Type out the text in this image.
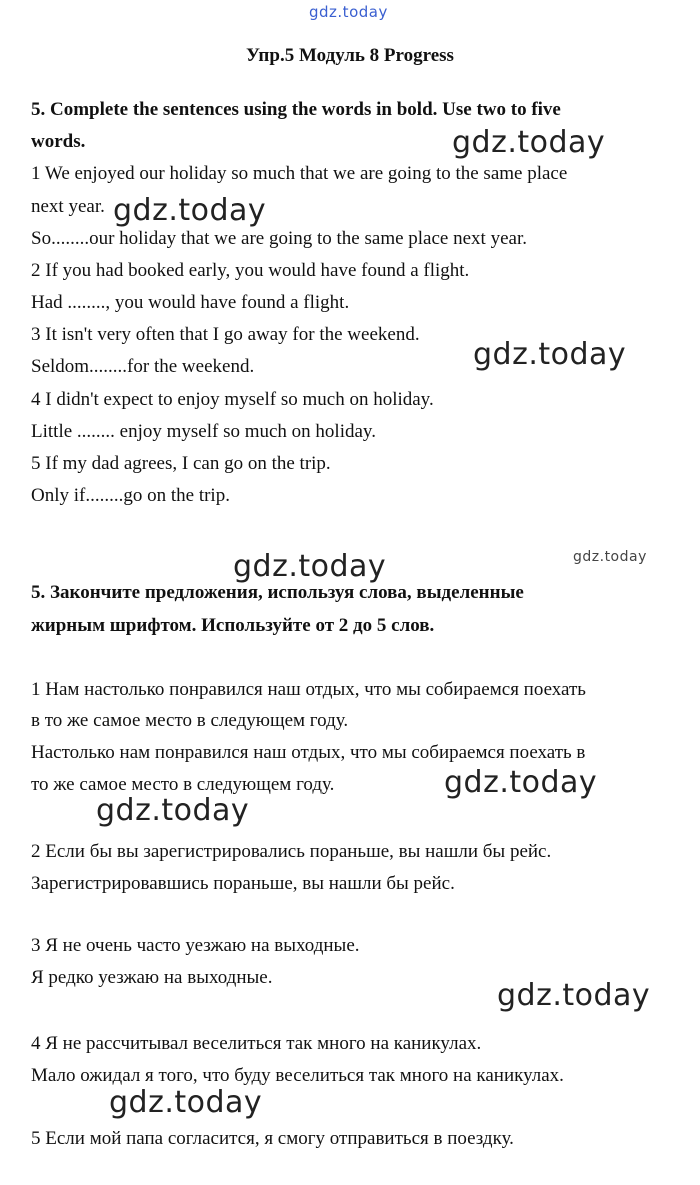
gdz.today
Упр.5 Модуль 8 Progress
5. Complete the sentences using the words in bold. Use two to five
words.
1 We enjoyed our holiday so much that we are going to the same place
next year.
So........our holiday that we are going to the same place next year.
2 If you had booked early, you would have found a flight.
Had ........, you would have found a flight.
3 It isn't very often that I go away for the weekend.
Seldom........for the weekend.
4 I didn't expect to enjoy myself so much on holiday.
Little ........ enjoy myself so much on holiday.
5 If my dad agrees, I can go on the trip.
Only if........go on the trip.
5. Закончите предложения, используя слова, выделенные
жирным шрифтом. Используйте от 2 до 5 слов.
1 Нам настолько понравился наш отдых, что мы собираемся поехать
в то же самое место в следующем году.
Настолько нам понравился наш отдых, что мы собираемся поехать в
то же самое место в следующем году.
2 Если бы вы зарегистрировались пораньше, вы нашли бы рейс.
Зарегистрировавшись пораньше, вы нашли бы рейс.
3 Я не очень часто уезжаю на выходные.
Я редко уезжаю на выходные.
4 Я не рассчитывал веселиться так много на каникулах.
Мало ожидал я того, что буду веселиться так много на каникулах.
5 Если мой папа согласится, я смогу отправиться в поездку.
gdz.today
gdz.today
gdz.today
gdz.today	gdz.today
gdz.today
gdz.today
gdz.today
gdz.today
